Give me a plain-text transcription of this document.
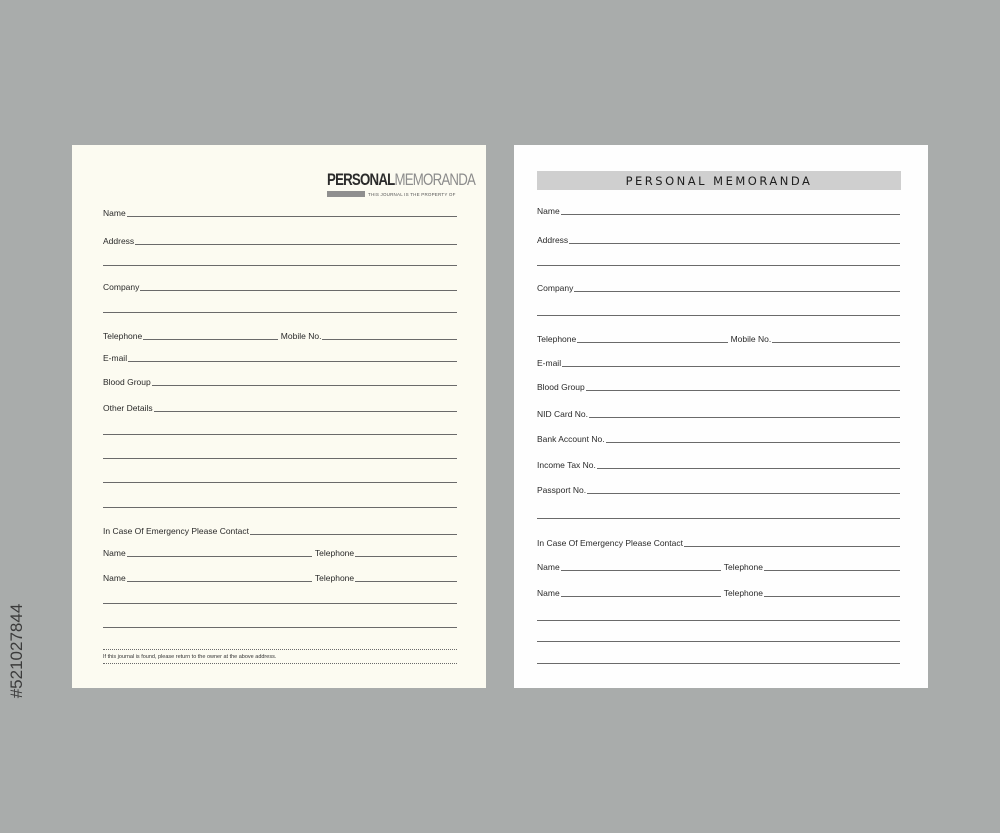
#521027844
PERSONALMEMORANDA
THIS JOURNAL IS THE PROPERTY OF
Name
Address
Company
Telephone	Mobile No.
E-mail
Blood Group
Other Details
In Case Of Emergency Please Contact
Name	Telephone
Name	Telephone
If this journal is found, please return to the owner at the above address.
PERSONAL MEMORANDA
Name
Address
Company
Telephone	Mobile No.
E-mail
Blood Group
NID Card No.
Bank Account No.
Income Tax No.
Passport No.
In Case Of Emergency Please Contact
Name	Telephone
Name	Telephone
